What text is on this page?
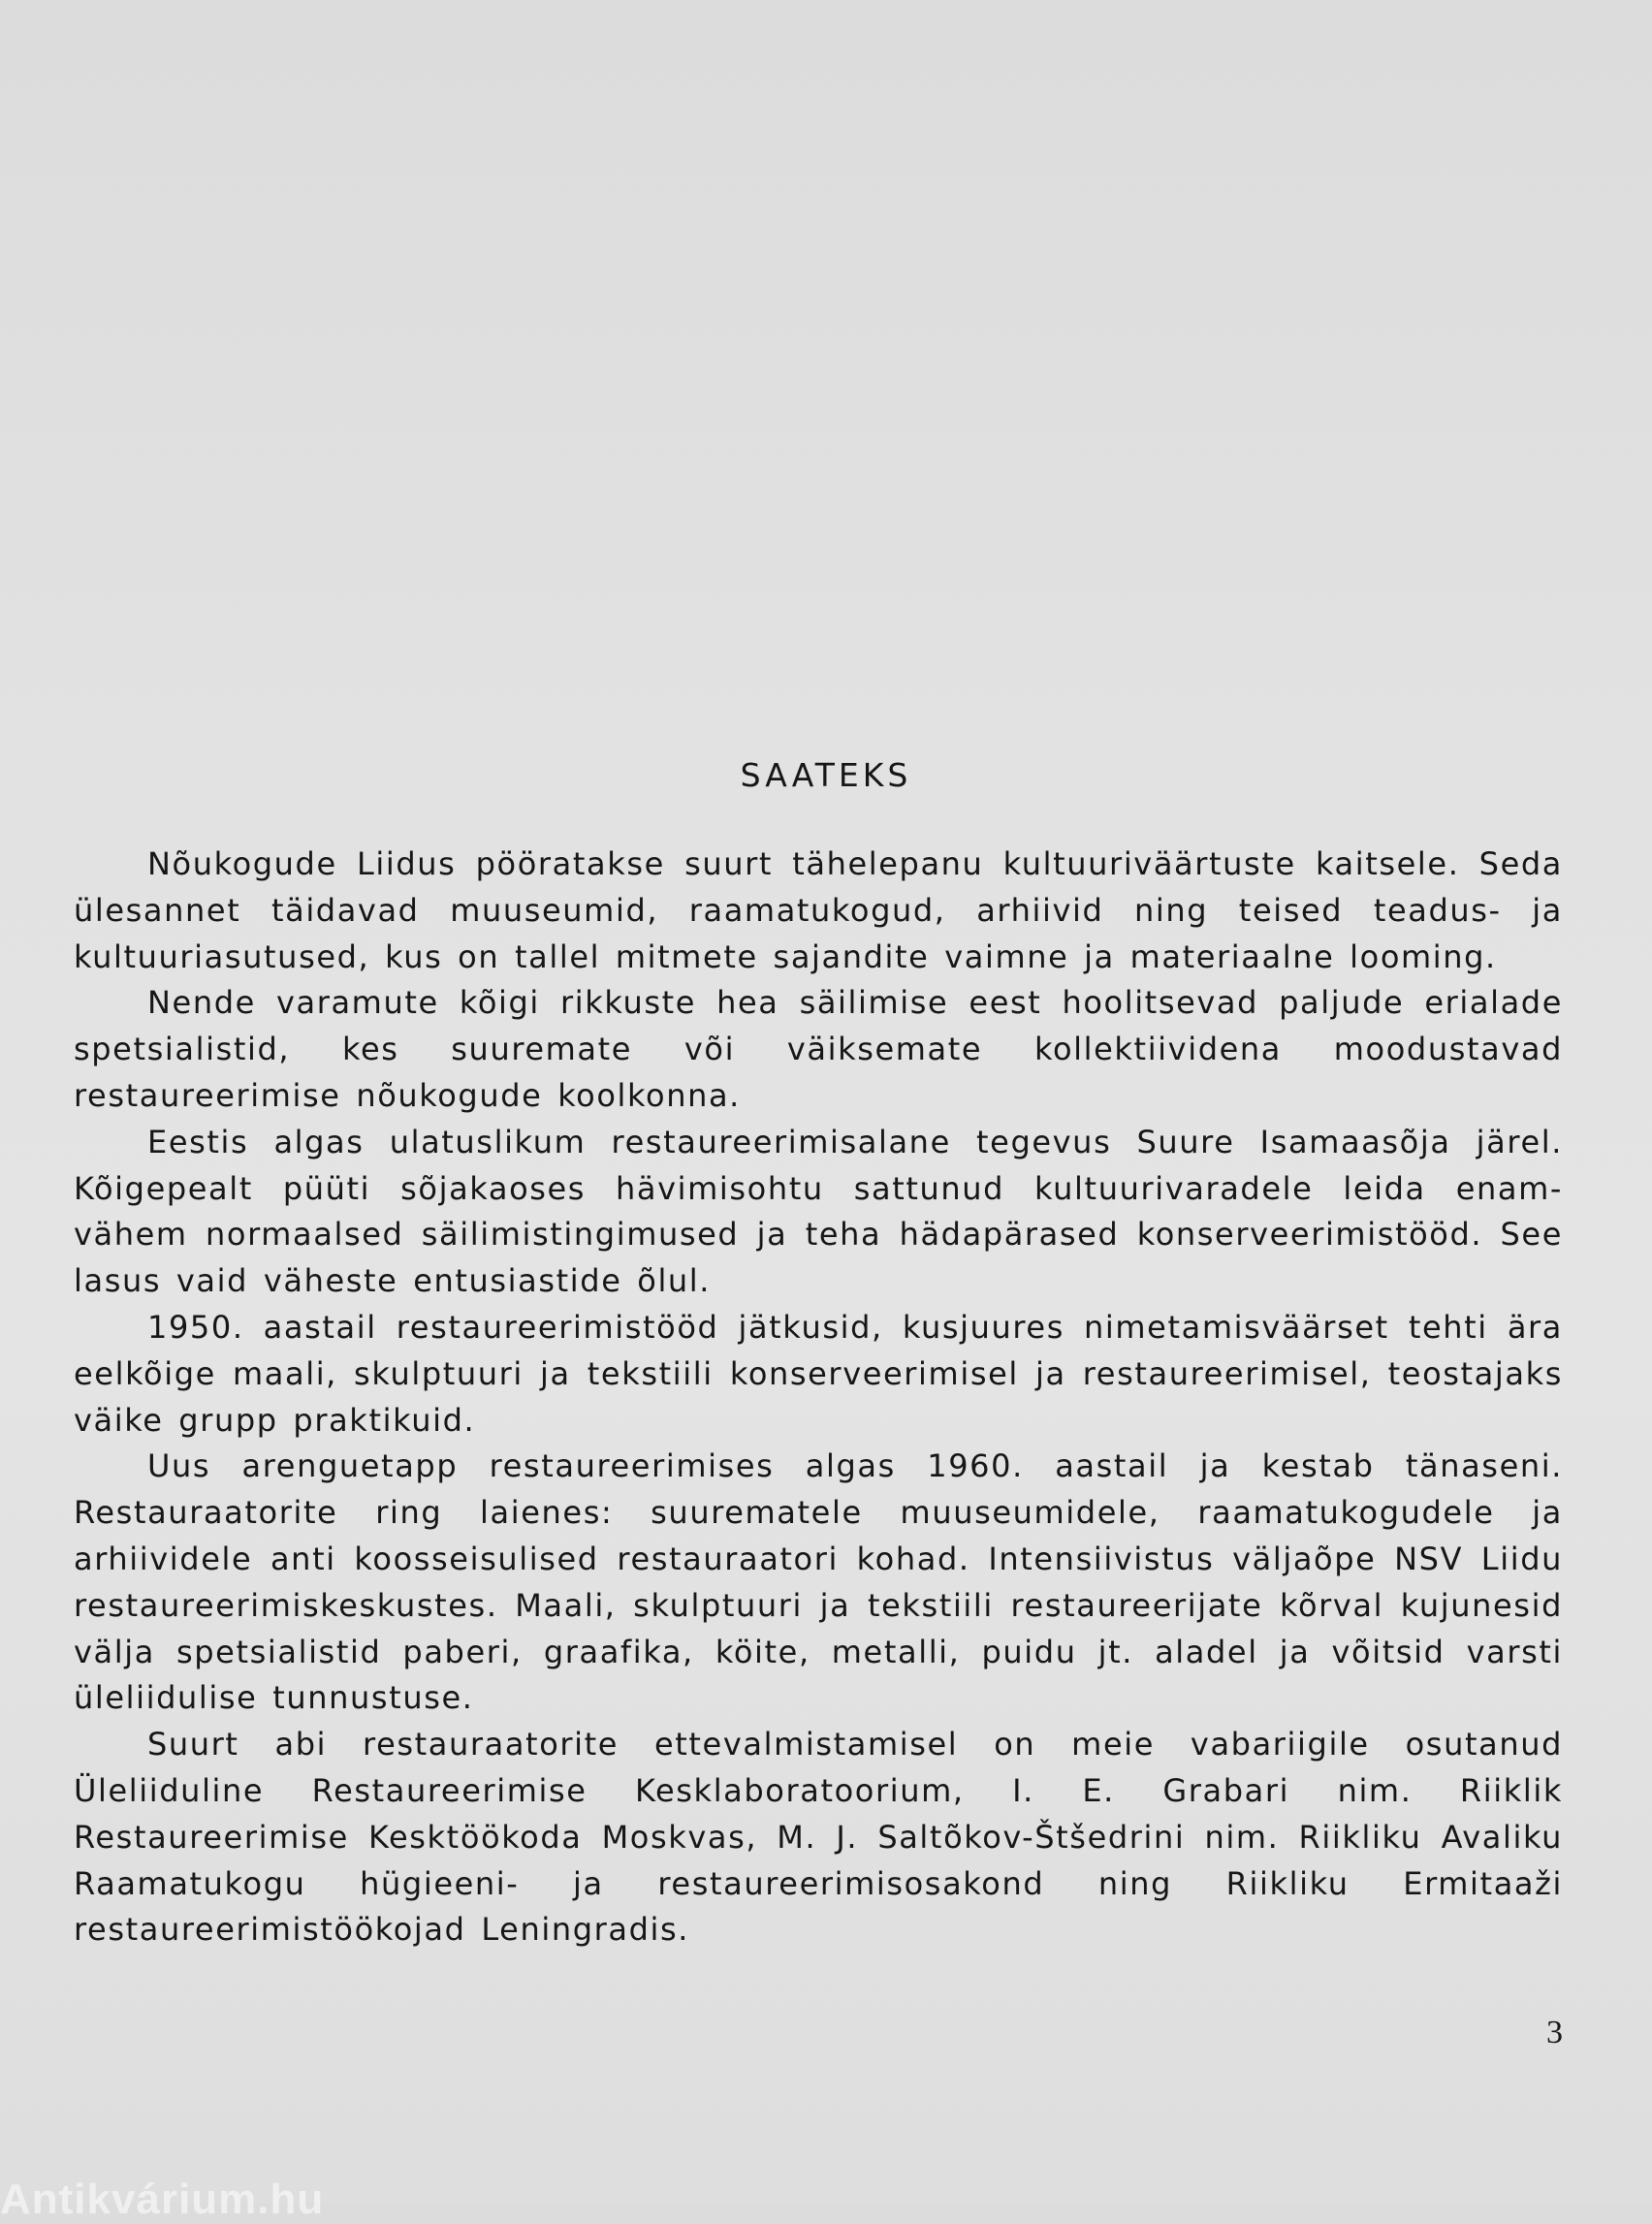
SAATEKS

Nõukogude Liidus pööratakse suurt tähelepanu kultuuriväärtuste kaitsele. Seda ülesannet täidavad muuseumid, raamatukogud, arhiivid ning teised teadus- ja kultuuriasutused, kus on tallel mitmete sajandite vaimne ja materiaalne looming.

Nende varamute kõigi rikkuste hea säilimise eest hoolitsevad paljude erialade spetsialistid, kes suuremate või väiksemate kollektiividena moodustavad restaureerimise nõukogude koolkonna.

Eestis algas ulatuslikum restaureerimisalane tegevus Suure Isamaasõja järel. Kõigepealt püüti sõjakaoses hävimisohtu sattunud kultuurivaradele leida enam-vähem normaalsed säilimistingimused ja teha hädapärased konserveerimistööd. See lasus vaid väheste entusiastide õlul.

1950. aastail restaureerimistööd jätkusid, kusjuures nimetamisväärset tehti ära eelkõige maali, skulptuuri ja tekstiili konserveerimisel ja restaureerimisel, teostajaks väike grupp praktikuid.

Uus arenguetapp restaureerimises algas 1960. aastail ja kestab tänaseni. Restauraatorite ring laienes: suurematele muuseumidele, raamatukogudele ja arhiividele anti koosseisulised restauraatori kohad. Intensiivistus väljaõpe NSV Liidu restaureerimiskeskustes. Maali, skulptuuri ja tekstiili restaureerijate kõrval kujunesid välja spetsialistid paberi, graafika, köite, metalli, puidu jt. aladel ja võitsid varsti üleliidulise tunnustuse.

Suurt abi restauraatorite ettevalmistamisel on meie vabariigile osutanud Üleliiduline Restaureerimise Kesklaboratoorium, I. E. Grabari nim. Riiklik Restaureerimise Kesktöökoda Moskvas, M. J. Saltõkov-Štšedrini nim. Riikliku Avaliku Raamatukogu hügieeni- ja restaureerimisosakond ning Riikliku Ermitaaži restaureerimistöökojad Leningradis.

3
Antikvárium.hu
